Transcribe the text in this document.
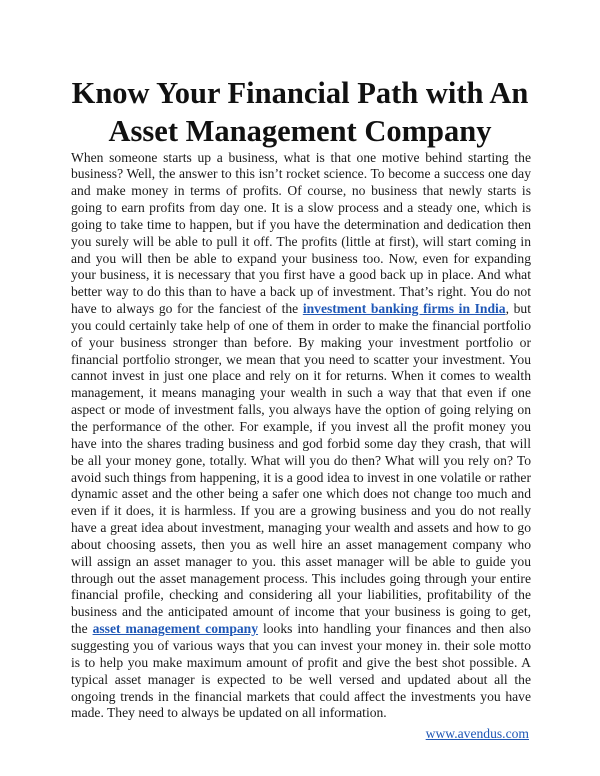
Know Your Financial Path with An Asset Management Company

When someone starts up a business, what is that one motive behind starting the business? Well, the answer to this isn’t rocket science. To become a success one day and make money in terms of profits. Of course, no business that newly starts is going to earn profits from day one. It is a slow process and a steady one, which is going to take time to happen, but if you have the determination and dedication then you surely will be able to pull it off. The profits (little at first), will start coming in and you will then be able to expand your business too. Now, even for expanding your business, it is necessary that you first have a good back up in place. And what better way to do this than to have a back up of investment. That’s right. You do not have to always go for the fanciest of the investment banking firms in India, but you could certainly take help of one of them in order to make the financial portfolio of your business stronger than before. By making your investment portfolio or financial portfolio stronger, we mean that you need to scatter your investment. You cannot invest in just one place and rely on it for returns. When it comes to wealth management, it means managing your wealth in such a way that that even if one aspect or mode of investment falls, you always have the option of going relying on the performance of the other. For example, if you invest all the profit money you have into the shares trading business and god forbid some day they crash, that will be all your money gone, totally. What will you do then? What will you rely on? To avoid such things from happening, it is a good idea to invest in one volatile or rather dynamic asset and the other being a safer one which does not change too much and even if it does, it is harmless. If you are a growing business and you do not really have a great idea about investment, managing your wealth and assets and how to go about choosing assets, then you as well hire an asset management company who will assign an asset manager to you. this asset manager will be able to guide you through out the asset management process. This includes going through your entire financial profile, checking and considering all your liabilities, profitability of the business and the anticipated amount of income that your business is going to get, the asset management company looks into handling your finances and then also suggesting you of various ways that you can invest your money in. their sole motto is to help you make maximum amount of profit and give the best shot possible. A typical asset manager is expected to be well versed and updated about all the ongoing trends in the financial markets that could affect the investments you have made. They need to always be updated on all information.

www.avendus.com
